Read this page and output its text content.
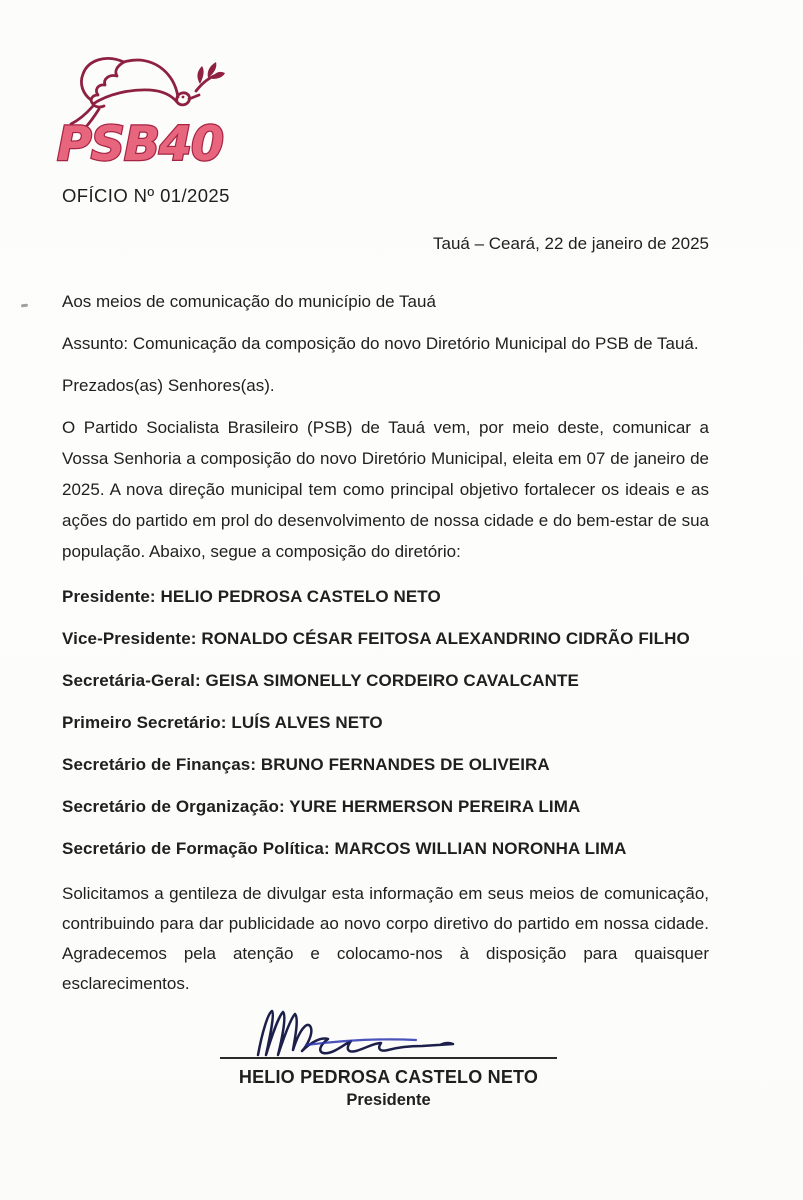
PSB40
OFÍCIO Nº 01/2025
Tauá – Ceará, 22 de janeiro de 2025
Aos meios de comunicação do município de Tauá
Assunto: Comunicação da composição do novo Diretório Municipal do PSB de Tauá.
Prezados(as) Senhores(as).

O Partido Socialista Brasileiro (PSB) de Tauá vem, por meio deste, comunicar a Vossa Senhoria a composição do novo Diretório Municipal, eleita em 07 de janeiro de 2025. A nova direção municipal tem como principal objetivo fortalecer os ideais e as ações do partido em prol do desenvolvimento de nossa cidade e do bem-estar de sua população. Abaixo, segue a composição do diretório:

Presidente: HELIO PEDROSA CASTELO NETO
Vice-Presidente: RONALDO CÉSAR FEITOSA ALEXANDRINO CIDRÃO FILHO
Secretária-Geral: GEISA SIMONELLY CORDEIRO CAVALCANTE
Primeiro Secretário: LUÍS ALVES NETO
Secretário de Finanças: BRUNO FERNANDES DE OLIVEIRA
Secretário de Organização: YURE HERMERSON PEREIRA LIMA
Secretário de Formação Política: MARCOS WILLIAN NORONHA LIMA

Solicitamos a gentileza de divulgar esta informação em seus meios de comunicação, contribuindo para dar publicidade ao novo corpo diretivo do partido em nossa cidade. Agradecemos pela atenção e colocamo-nos à disposição para quaisquer esclarecimentos.

HELIO PEDROSA CASTELO NETO
Presidente
